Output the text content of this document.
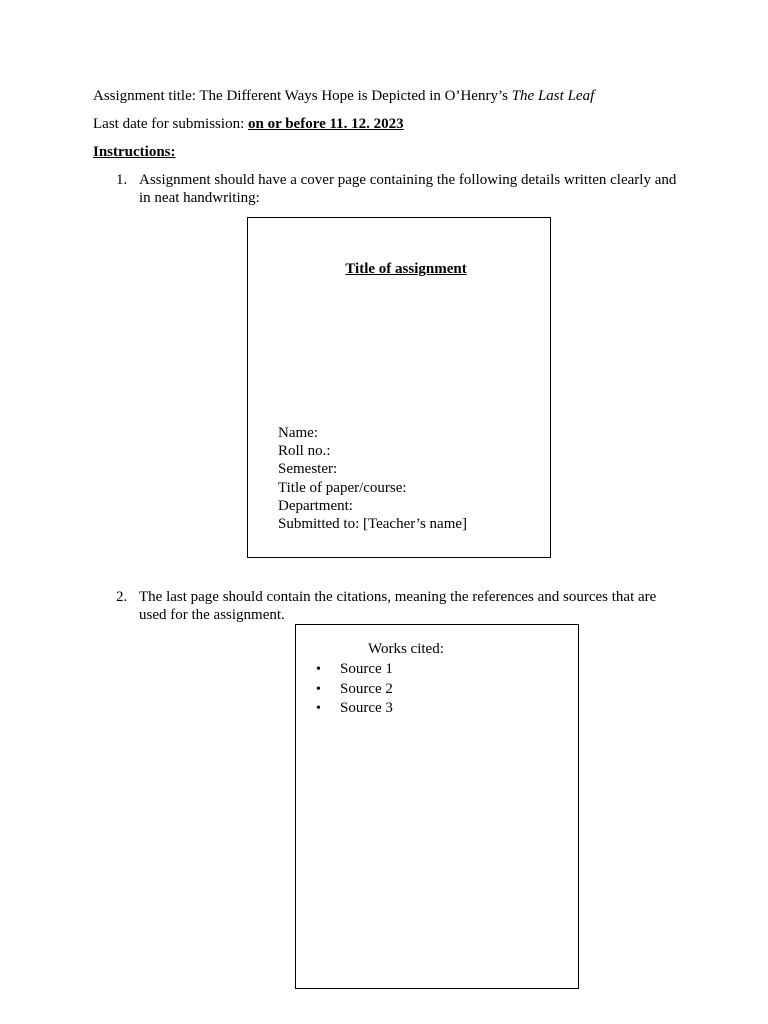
Assignment title: The Different Ways Hope is Depicted in O’Henry’s The Last Leaf
Last date for submission: on or before 11. 12. 2023
Instructions:
1. Assignment should have a cover page containing the following details written clearly and in neat handwriting:
Title of assignment
Name:
Roll no.:
Semester:
Title of paper/course:
Department:
Submitted to: [Teacher’s name]
2. The last page should contain the citations, meaning the references and sources that are used for the assignment.
Works cited:
• Source 1
• Source 2
• Source 3
